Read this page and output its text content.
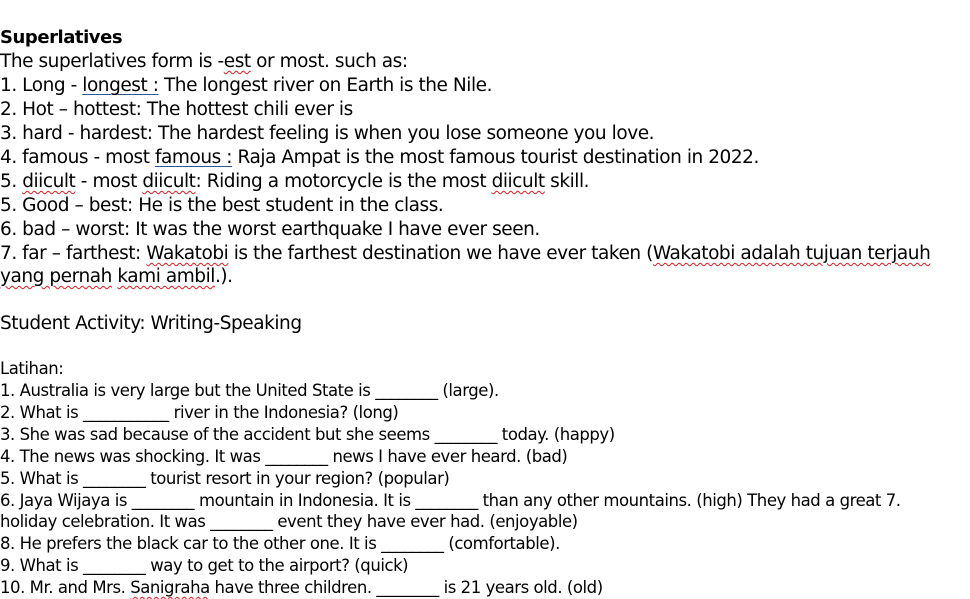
Superlatives
The superlatives form is -est or most. such as:
1. Long - longest : The longest river on Earth is the Nile.
2. Hot – hottest: The hottest chili ever is
3. hard - hardest: The hardest feeling is when you lose someone you love.
4. famous - most famous : Raja Ampat is the most famous tourist destination in 2022.
5. diicult - most diicult: Riding a motorcycle is the most diicult skill.
5. Good – best: He is the best student in the class.
6. bad – worst: It was the worst earthquake I have ever seen.
7. far – farthest: Wakatobi is the farthest destination we have ever taken (Wakatobi adalah tujuan terjauh
yang pernah kami ambil.).
Student Activity: Writing-Speaking
Latihan:
1. Australia is very large but the United State is ________ (large).
2. What is ___________ river in the Indonesia? (long)
3. She was sad because of the accident but she seems ________ today. (happy)
4. The news was shocking. It was ________ news I have ever heard. (bad)
5. What is ________ tourist resort in your region? (popular)
6. Jaya Wijaya is ________ mountain in Indonesia. It is ________ than any other mountains. (high) They had a great 7.
holiday celebration. It was ________ event they have ever had. (enjoyable)
8. He prefers the black car to the other one. It is ________ (comfortable).
9. What is ________ way to get to the airport? (quick)
10. Mr. and Mrs. Sanigraha have three children. ________ is 21 years old. (old)
